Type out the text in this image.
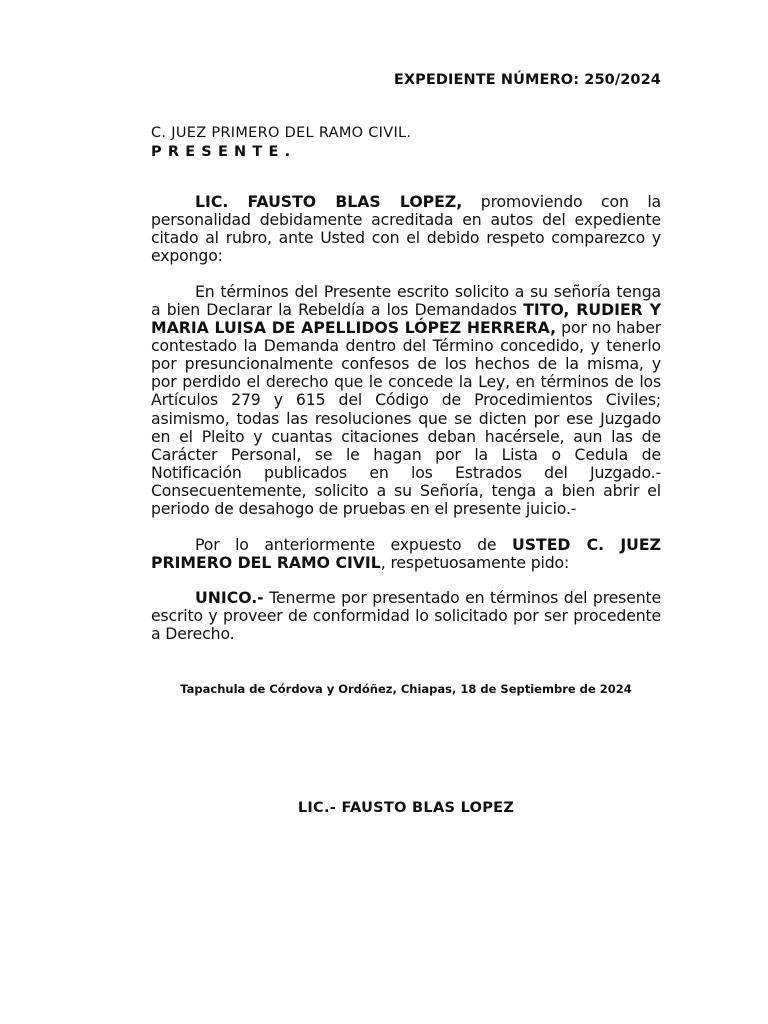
EXPEDIENTE NÚMERO: 250/2024
C. JUEZ PRIMERO DEL RAMO CIVIL.
PRESENTE.

LIC. FAUSTO BLAS LOPEZ, promoviendo con la personalidad debidamente acreditada en autos del expediente citado al rubro, ante Usted con el debido respeto comparezco y expongo:

En términos del Presente escrito solicito a su señoría tenga a bien Declarar la Rebeldía a los Demandados TITO, RUDIER Y MARIA LUISA DE APELLIDOS LÓPEZ HERRERA, por no haber contestado la Demanda dentro del Término concedido, y tenerlo por presuncionalmente confesos de los hechos de la misma, y por perdido el derecho que le concede la Ley, en términos de los Artículos 279 y 615 del Código de Procedimientos Civiles; asimismo, todas las resoluciones que se dicten por ese Juzgado en el Pleito y cuantas citaciones deban hacérsele, aun las de Carácter Personal, se le hagan por la Lista o Cedula de Notificación publicados en los Estrados del Juzgado.- Consecuentemente, solicito a su Señoría, tenga a bien abrir el periodo de desahogo de pruebas en el presente juicio.-

Por lo anteriormente expuesto de USTED C. JUEZ PRIMERO DEL RAMO CIVIL, respetuosamente pido:

UNICO.- Tenerme por presentado en términos del presente escrito y proveer de conformidad lo solicitado por ser procedente a Derecho.

Tapachula de Córdova y Ordóñez, Chiapas, 18 de Septiembre de 2024
LIC.- FAUSTO BLAS LOPEZ
